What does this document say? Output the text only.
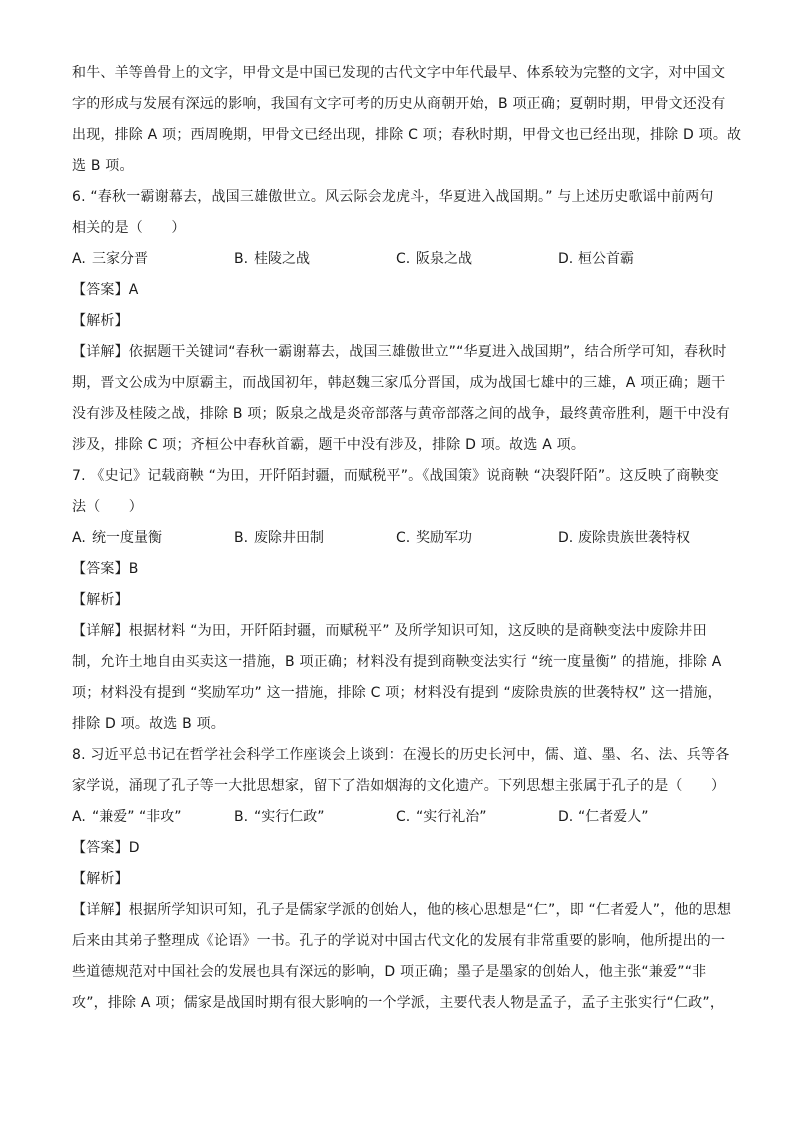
和牛、羊等兽骨上的文字，甲骨文是中国已发现的古代文字中年代最早、体系较为完整的文字，对中国文
字的形成与发展有深远的影响，我国有文字可考的历史从商朝开始，B 项正确；夏朝时期，甲骨文还没有
出现，排除 A 项；西周晚期，甲骨文已经出现，排除 C 项；春秋时期，甲骨文也已经出现，排除 D 项。故
选 B 项。
6. “春秋一霸谢幕去，战国三雄傲世立。风云际会龙虎斗，华夏进入战国期。” 与上述历史歌谣中前两句
相关的是（　　）
A. 三家分晋	B. 桂陵之战	C. 阪泉之战	D. 桓公首霸
【答案】A
【解析】
【详解】依据题干关键词“春秋一霸谢幕去，战国三雄傲世立”“华夏进入战国期”，结合所学可知，春秋时
期，晋文公成为中原霸主，而战国初年，韩赵魏三家瓜分晋国，成为战国七雄中的三雄，A 项正确；题干
没有涉及桂陵之战，排除 B 项；阪泉之战是炎帝部落与黄帝部落之间的战争，最终黄帝胜利，题干中没有
涉及，排除 C 项；齐桓公中春秋首霸，题干中没有涉及，排除 D 项。故选 A 项。
7. 《史记》记载商鞅 “为田，开阡陌封疆，而赋税平”。《战国策》说商鞅 “决裂阡陌”。这反映了商鞅变
法（　　）
A. 统一度量衡	B. 废除井田制	C. 奖励军功	D. 废除贵族世袭特权
【答案】B
【解析】
【详解】根据材料 “为田，开阡陌封疆，而赋税平” 及所学知识可知，这反映的是商鞅变法中废除井田
制，允许土地自由买卖这一措施，B 项正确；材料没有提到商鞅变法实行 “统一度量衡” 的措施，排除 A
项；材料没有提到 “奖励军功” 这一措施，排除 C 项；材料没有提到 “废除贵族的世袭特权” 这一措施，
排除 D 项。故选 B 项。
8. 习近平总书记在哲学社会科学工作座谈会上谈到：在漫长的历史长河中，儒、道、墨、名、法、兵等各
家学说，涌现了孔子等一大批思想家，留下了浩如烟海的文化遗产。下列思想主张属于孔子的是（　　）
A. “兼爱” “非攻”	B. “实行仁政”	C. “实行礼治”	D. “仁者爱人”
【答案】D
【解析】
【详解】根据所学知识可知，孔子是儒家学派的创始人，他的核心思想是“仁”，即 “仁者爱人”，他的思想
后来由其弟子整理成《论语》一书。孔子的学说对中国古代文化的发展有非常重要的影响，他所提出的一
些道德规范对中国社会的发展也具有深远的影响，D 项正确；墨子是墨家的创始人，他主张“兼爱”“非
攻”，排除 A 项；儒家是战国时期有很大影响的一个学派，主要代表人物是孟子，孟子主张实行“仁政”，
